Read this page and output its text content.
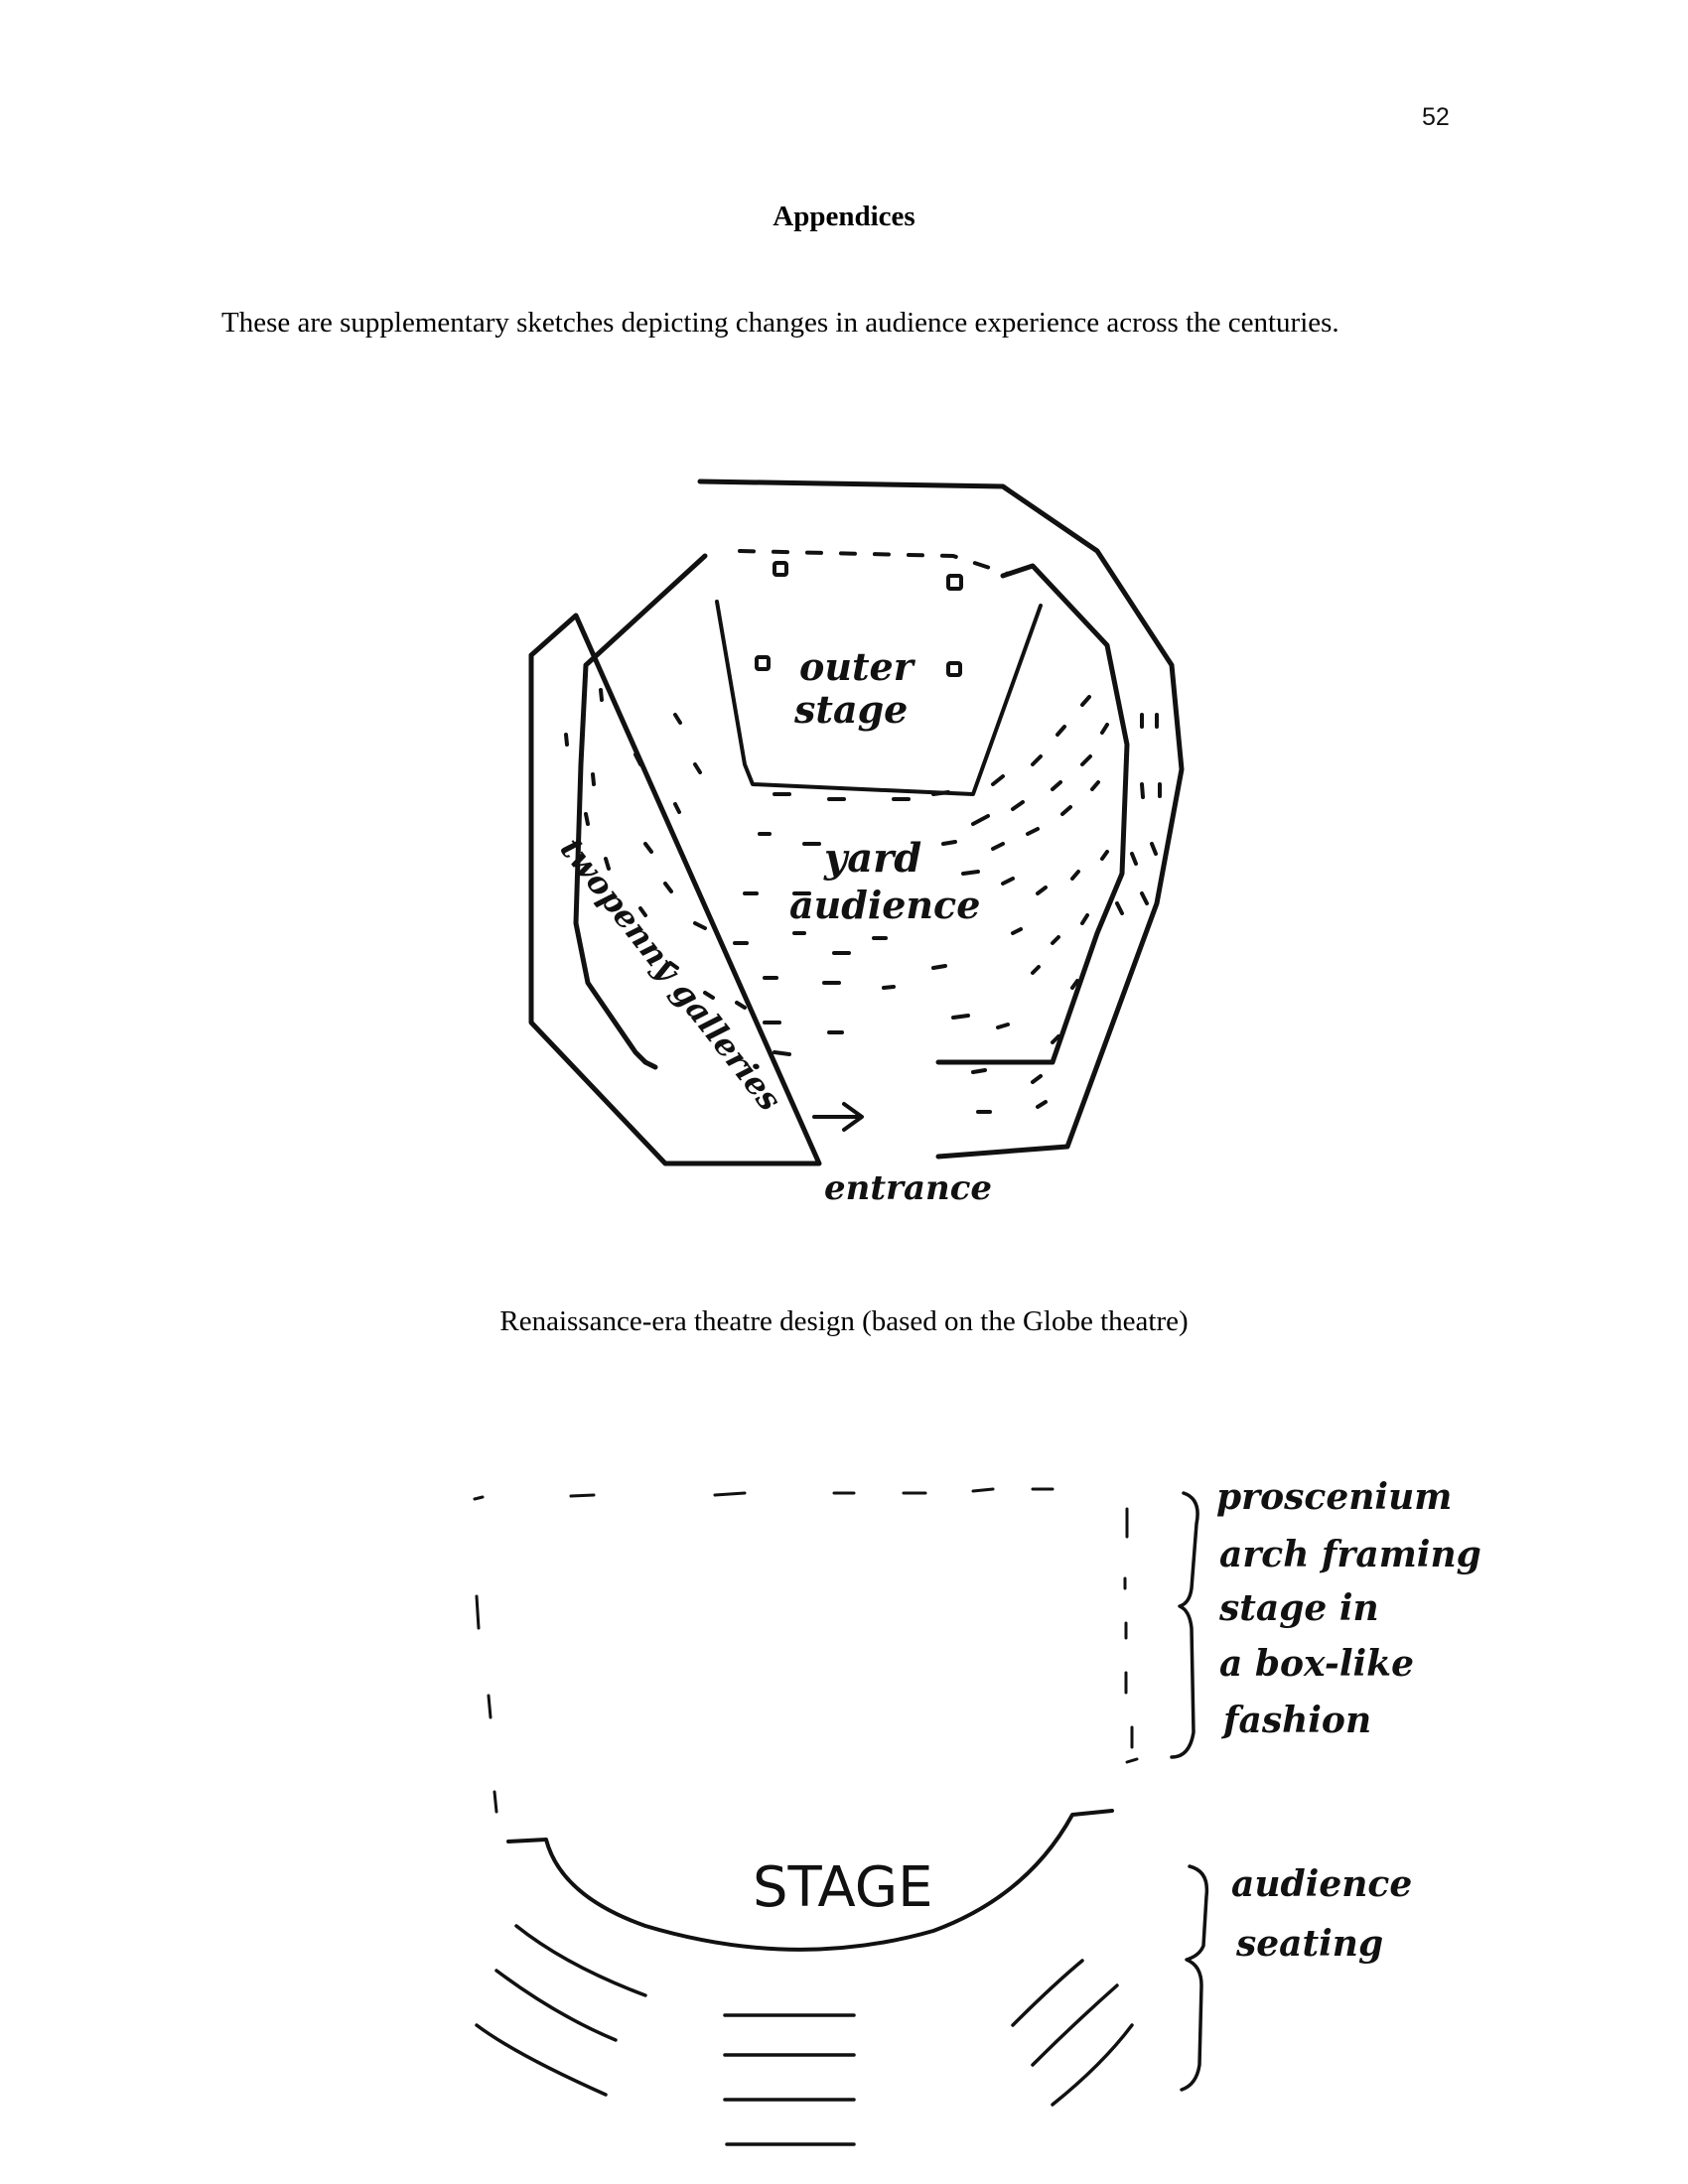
52
Appendices
These are supplementary sketches depicting changes in audience experience across the centuries.
outer
stage
yard
audience
twopenny galleries
entrance
Renaissance-era theatre design (based on the Globe theatre)
STAGE
proscenium
arch framing
stage in
a box-like
fashion
audience
seating
